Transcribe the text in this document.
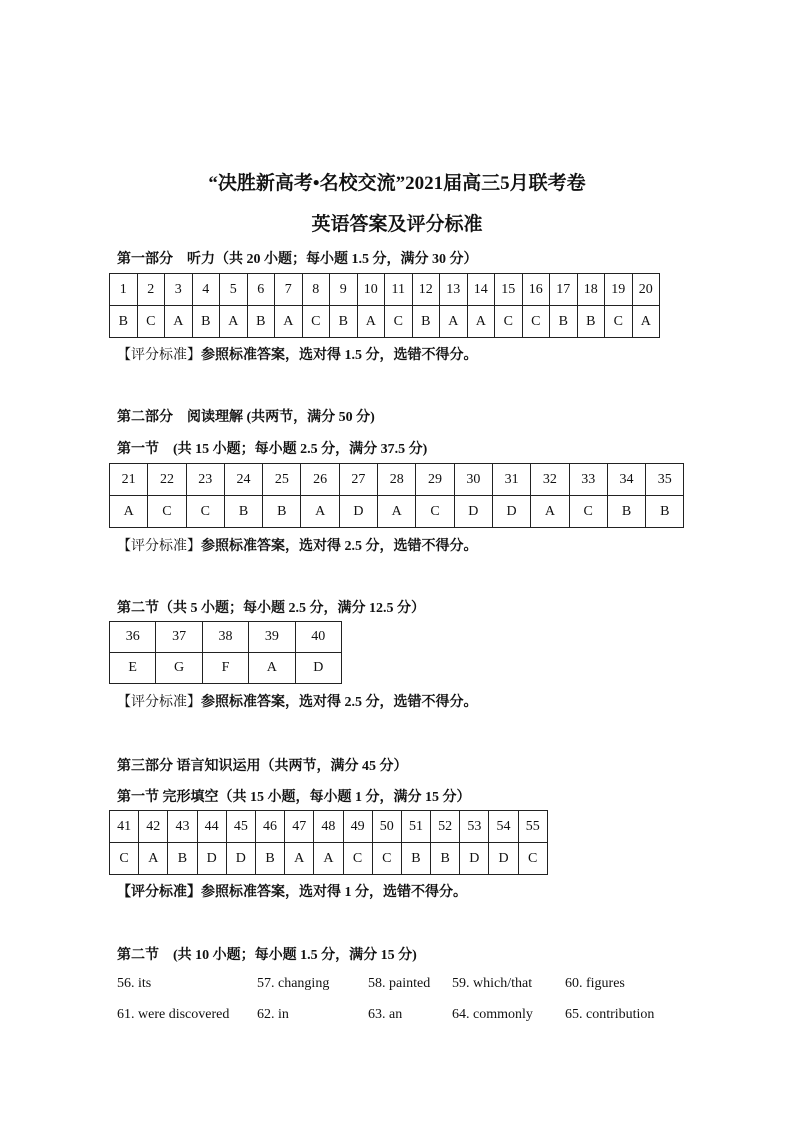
“决胜新高考•名校交流”2021届高三5月联考卷
英语答案及评分标准
第一部分　听力（共 20 小题；每小题 1.5 分，满分 30 分）
1	2	3	4	5	6	7	8	9	10	11	12	13	14	15	16	17	18	19	20
B	C	A	B	A	B	A	C	B	A	C	B	A	A	C	C	B	B	C	A
【评分标准】参照标准答案，选对得 1.5 分，选错不得分。
第二部分　阅读理解 (共两节，满分 50 分)
第一节　(共 15 小题；每小题 2.5 分，满分 37.5 分)
21	22	23	24	25	26	27	28	29	30	31	32	33	34	35
A	C	C	B	B	A	D	A	C	D	D	A	C	B	B
【评分标准】参照标准答案，选对得 2.5 分，选错不得分。
第二节（共 5 小题；每小题 2.5 分，满分 12.5 分）
36	37	38	39	40
E	G	F	A	D
【评分标准】参照标准答案，选对得 2.5 分，选错不得分。
第三部分 语言知识运用（共两节，满分 45 分）
第一节 完形填空（共 15 小题，每小题 1 分，满分 15 分）
41	42	43	44	45	46	47	48	49	50	51	52	53	54	55
C	A	B	D	D	B	A	A	C	C	B	B	D	D	C
【评分标准】参照标准答案，选对得 1 分，选错不得分。
第二节　(共 10 小题；每小题 1.5 分，满分 15 分)
56. its	57. changing	58. painted 59. which/that 60. figures
61. were discovered 62. in	63. an	64. commonly 65. contribution
